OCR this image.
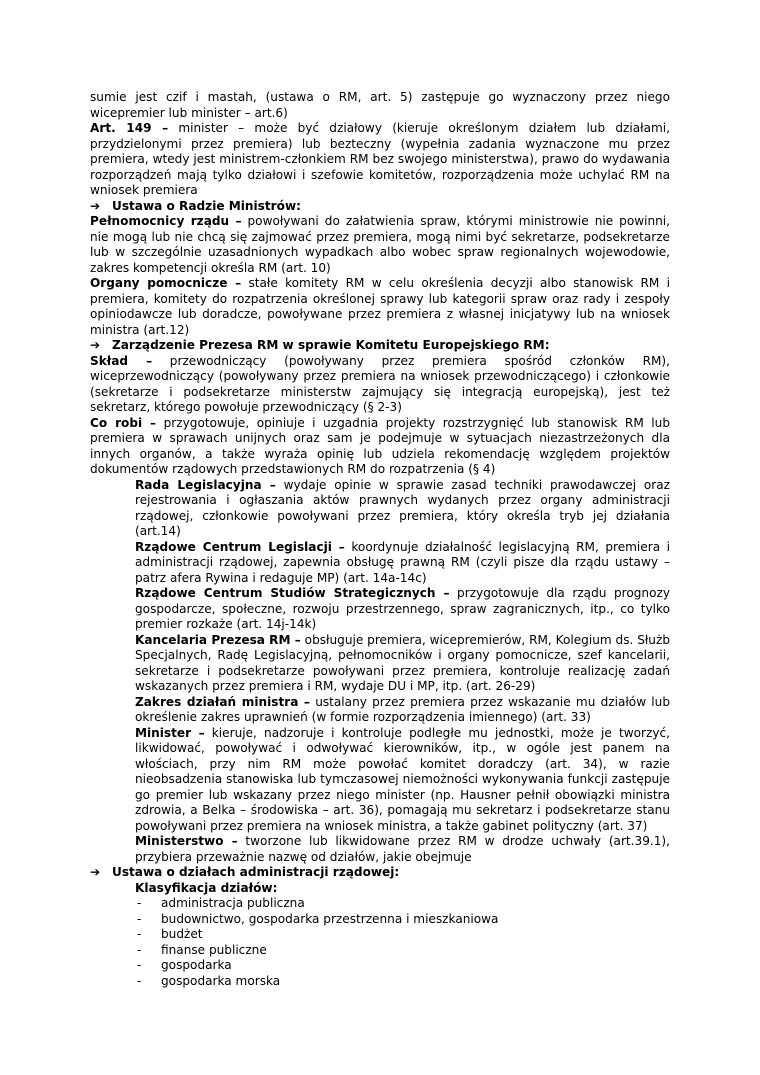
sumie jest czif i mastah, (ustawa o RM, art. 5) zastępuje go wyznaczony przez niego wicepremier lub minister – art.6)

Art. 149 – minister – może być działowy (kieruje określonym działem lub działami, przydzielonymi przez premiera) lub bezteczny (wypełnia zadania wyznaczone mu przez premiera, wtedy jest ministrem-członkiem RM bez swojego ministerstwa), prawo do wydawania rozporządzeń mają tylko działowi i szefowie komitetów, rozporządzenia może uchylać RM na wniosek premiera

➔ Ustawa o Radzie Ministrów:

Pełnomocnicy rządu – powoływani do załatwienia spraw, którymi ministrowie nie powinni, nie mogą lub nie chcą się zajmować przez premiera, mogą nimi być sekretarze, podsekretarze lub w szczególnie uzasadnionych wypadkach albo wobec spraw regionalnych wojewodowie, zakres kompetencji określa RM (art. 10)

Organy pomocnicze – stałe komitety RM w celu określenia decyzji albo stanowisk RM i premiera, komitety do rozpatrzenia określonej sprawy lub kategorii spraw oraz rady i zespoły opiniodawcze lub doradcze, powoływane przez premiera z własnej inicjatywy lub na wniosek ministra (art.12)

➔ Zarządzenie Prezesa RM w sprawie Komitetu Europejskiego RM:

Skład – przewodniczący (powoływany przez premiera spośród członków RM), wiceprzewodniczący (powoływany przez premiera na wniosek przewodniczącego) i członkowie (sekretarze i podsekretarze ministerstw zajmujący się integracją europejską), jest też sekretarz, którego powołuje przewodniczący (§ 2-3)

Co robi – przygotowuje, opiniuje i uzgadnia projekty rozstrzygnięć lub stanowisk RM lub premiera w sprawach unijnych oraz sam je podejmuje w sytuacjach niezastrzeżonych dla innych organów, a także wyraża opinię lub udziela rekomendację względem projektów dokumentów rządowych przedstawionych RM do rozpatrzenia (§ 4)

Rada Legislacyjna – wydaje opinie w sprawie zasad techniki prawodawczej oraz rejestrowania i ogłaszania aktów prawnych wydanych przez organy administracji rządowej, członkowie powoływani przez premiera, który określa tryb jej działania (art.14)

Rządowe Centrum Legislacji – koordynuje działalność legislacyjną RM, premiera i administracji rządowej, zapewnia obsługę prawną RM (czyli pisze dla rządu ustawy – patrz afera Rywina i redaguje MP) (art. 14a-14c)

Rządowe Centrum Studiów Strategicznych – przygotowuje dla rządu prognozy gospodarcze, społeczne, rozwoju przestrzennego, spraw zagranicznych, itp., co tylko premier rozkaże (art. 14j-14k)

Kancelaria Prezesa RM – obsługuje premiera, wicepremierów, RM, Kolegium ds. Służb Specjalnych, Radę Legislacyjną, pełnomocników i organy pomocnicze, szef kancelarii, sekretarze i podsekretarze powoływani przez premiera, kontroluje realizację zadań wskazanych przez premiera i RM, wydaje DU i MP, itp. (art. 26-29)

Zakres działań ministra – ustalany przez premiera przez wskazanie mu działów lub określenie zakres uprawnień (w formie rozporządzenia imiennego) (art. 33)

Minister – kieruje, nadzoruje i kontroluje podległe mu jednostki, może je tworzyć, likwidować, powoływać i odwoływać kierowników, itp., w ogóle jest panem na włościach, przy nim RM może powołać komitet doradczy (art. 34), w razie nieobsadzenia stanowiska lub tymczasowej niemożności wykonywania funkcji zastępuje go premier lub wskazany przez niego minister (np. Hausner pełnił obowiązki ministra zdrowia, a Belka – środowiska – art. 36), pomagają mu sekretarz i podsekretarze stanu powoływani przez premiera na wniosek ministra, a także gabinet polityczny (art. 37)

Ministerstwo – tworzone lub likwidowane przez RM w drodze uchwały (art.39.1), przybiera przeważnie nazwę od działów, jakie obejmuje

➔ Ustawa o działach administracji rządowej:

Klasyfikacja działów:

- administracja publiczna
- budownictwo, gospodarka przestrzenna i mieszkaniowa
- budżet
- finanse publiczne
- gospodarka
- gospodarka morska
